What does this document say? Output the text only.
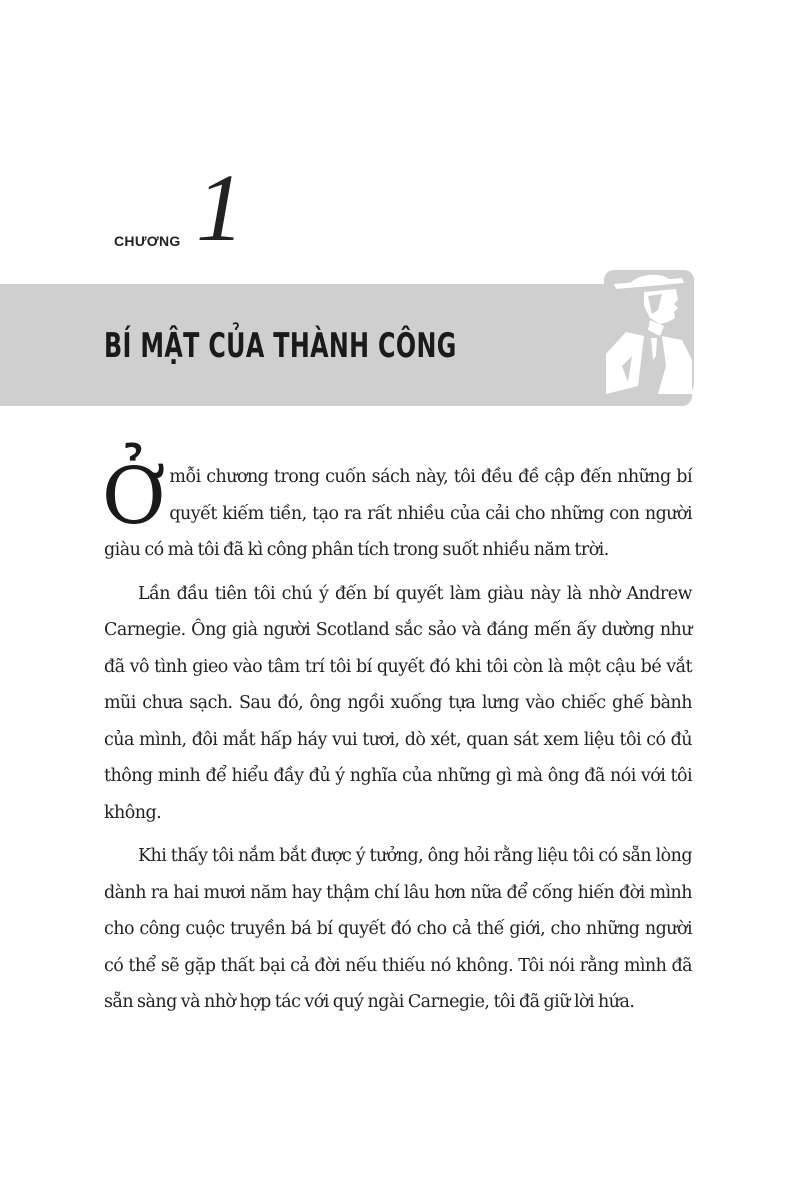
CHƯƠNG 1
BÍ MẬT CỦA THÀNH CÔNG

Ởmỗi chương trong cuốn sách này, tôi đều đề cập đến những bí quyết kiếm tiền, tạo ra rất nhiều của cải cho những con người giàu có mà tôi đã kì công phân tích trong suốt nhiều năm trời.

Lần đầu tiên tôi chú ý đến bí quyết làm giàu này là nhờ Andrew Carnegie. Ông già người Scotland sắc sảo và đáng mến ấy dường như đã vô tình gieo vào tâm trí tôi bí quyết đó khi tôi còn là một cậu bé vắt mũi chưa sạch. Sau đó, ông ngồi xuống tựa lưng vào chiếc ghế bành của mình, đôi mắt hấp háy vui tươi, dò xét, quan sát xem liệu tôi có đủ thông minh để hiểu đầy đủ ý nghĩa của những gì mà ông đã nói với tôi không.

Khi thấy tôi nắm bắt được ý tưởng, ông hỏi rằng liệu tôi có sẵn lòng dành ra hai mươi năm hay thậm chí lâu hơn nữa để cống hiến đời mình cho công cuộc truyền bá bí quyết đó cho cả thế giới, cho những người có thể sẽ gặp thất bại cả đời nếu thiếu nó không. Tôi nói rằng mình đã sẵn sàng và nhờ hợp tác với quý ngài Carnegie, tôi đã giữ lời hứa.
